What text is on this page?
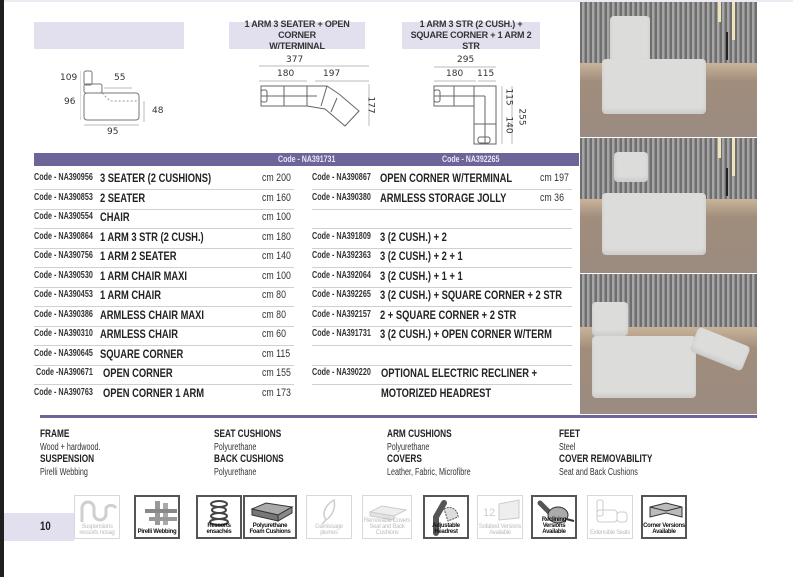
1 ARM 3 SEATER + OPEN CORNER
W/TERMINAL
1 ARM 3 STR (2 CUSH.) +
SQUARE CORNER + 1 ARM 2 STR
109	55
96
48
95
377
180	197
177
295
180 115
115
140 255
Code - NA391731	Code - NA392265
Code - NA390956 3 SEATER (2 CUSHIONS)	cm 200
Code - NA390853 2 SEATER	cm 160
Code - NA390554 CHAIR	cm 100
Code - NA390864 1 ARM 3 STR (2 CUSH.)	cm 180
Code - NA390756 1 ARM 2 SEATER	cm 140
Code - NA390530 1 ARM CHAIR MAXI	cm 100
Code - NA390453 1 ARM CHAIR	cm 80
Code - NA390386 ARMLESS CHAIR MAXI	cm 80
Code - NA390310 ARMLESS CHAIR	cm 60
Code - NA390645 SQUARE CORNER	cm 115
Code -NA390671 OPEN CORNER	cm 155
Code - NA390763 OPEN CORNER 1 ARM	cm 173
Code - NA390867 OPEN CORNER W/TERMINAL	cm 197
Code - NA390380 ARMLESS STORAGE JOLLY	cm 36
Code - NA391809 3 (2 CUSH.) + 2
Code - NA392363 3 (2 CUSH.) + 2 + 1
Code - NA392064 3 (2 CUSH.) + 1 + 1
Code - NA392265 3 (2 CUSH.) + SQUARE CORNER + 2 STR
Code - NA392157 2 + SQUARE CORNER + 2 STR
Code - NA391731 3 (2 CUSH.) + OPEN CORNER W/TERM
Code - NA390220 OPTIONAL ELECTRIC RECLINER +
MOTORIZED HEADREST
FRAME
Wood + hardwood.
SUSPENSION
Pirelli Webbing
SEAT CUSHIONS
Polyurethane
BACK CUSHIONS
Polyurethane
ARM CUSHIONS
Polyurethane
COVERS
Leather, Fabric, Microfibre
FEET
Steel
COVER REMOVABILITY
Seat and Back Cushions
10	Suspensions ressorts nosag	Pirelli Webbing
Ressorts ensachés
Polyurethane Foam Cushions
Garnissage plumes
Removable Covers Seat and Back Cushions
Adjustable Headrest
12
Sofabed Versions Available
Reclining Versions Available	Extensible Seats
Corner Versions Available
